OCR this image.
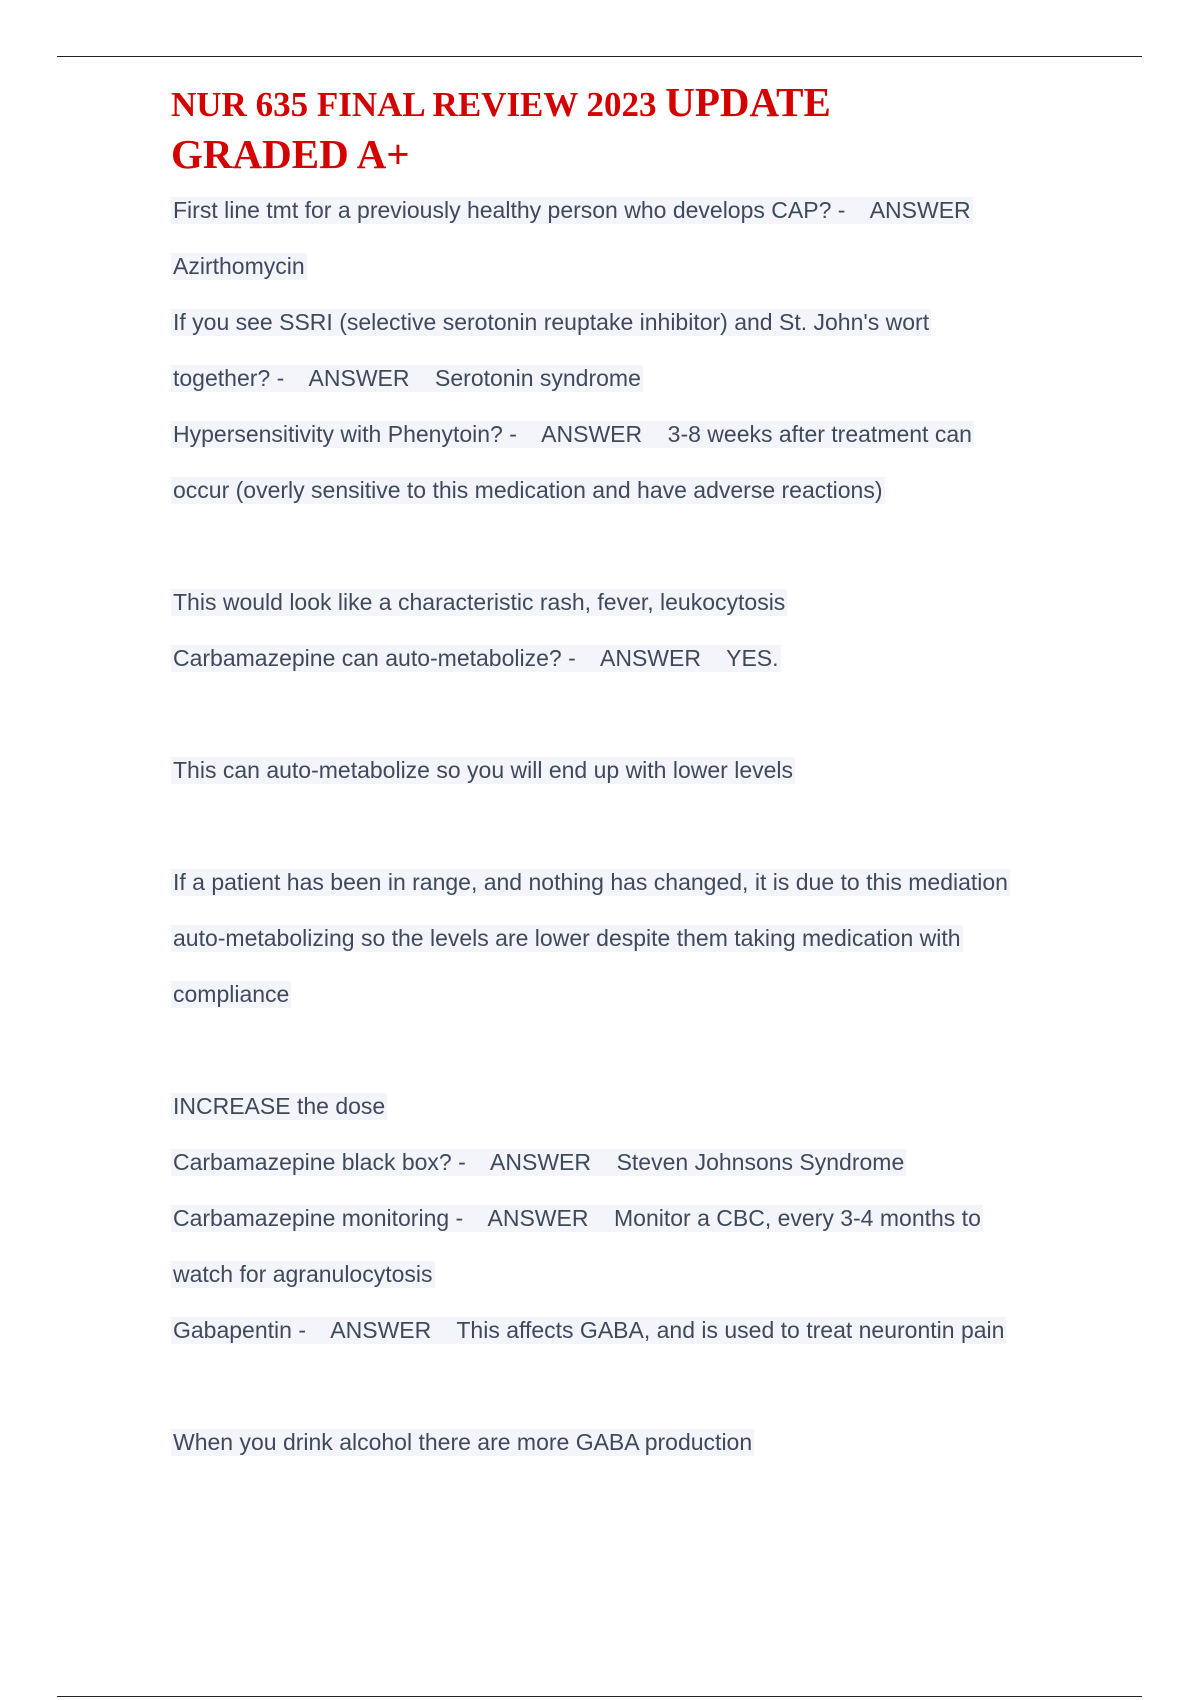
NUR 635 FINAL REVIEW 2023 UPDATE
GRADED A+
First line tmt for a previously healthy person who develops CAP? -    ANSWER
Azirthomycin
If you see SSRI (selective serotonin reuptake inhibitor) and St. John's wort
together? -    ANSWER    Serotonin syndrome
Hypersensitivity with Phenytoin? -    ANSWER    3-8 weeks after treatment can
occur (overly sensitive to this medication and have adverse reactions)
This would look like a characteristic rash, fever, leukocytosis
Carbamazepine can auto-metabolize? -    ANSWER    YES.
This can auto-metabolize so you will end up with lower levels
If a patient has been in range, and nothing has changed, it is due to this mediation
auto-metabolizing so the levels are lower despite them taking medication with
compliance
INCREASE the dose
Carbamazepine black box? -    ANSWER    Steven Johnsons Syndrome
Carbamazepine monitoring -    ANSWER    Monitor a CBC, every 3-4 months to
watch for agranulocytosis
Gabapentin -    ANSWER    This affects GABA, and is used to treat neurontin pain
When you drink alcohol there are more GABA production
